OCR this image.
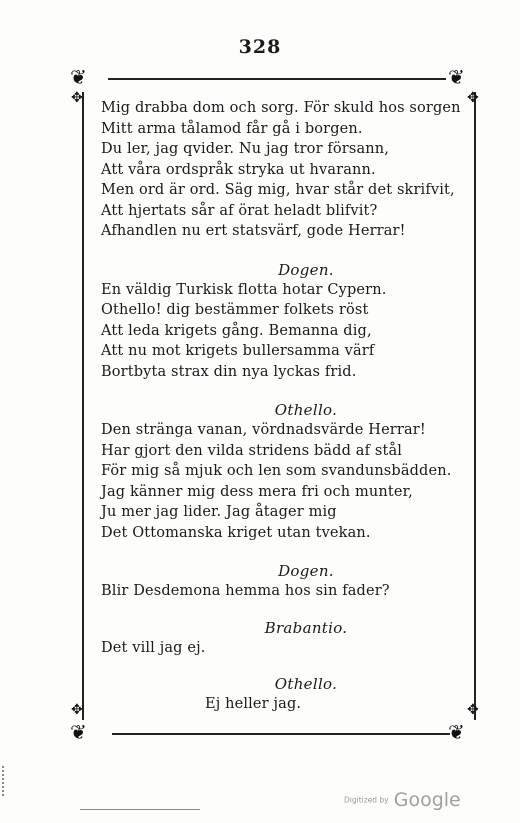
328
❦	❦
❦	❦
✥	✥
✥	✥
Mig drabba dom och sorg. För skuld hos sorgen
Mitt arma tålamod får gå i borgen.
Du ler, jag qvider. Nu jag tror försann,
Att våra ordspråk stryka ut hvarann.
Men ord är ord. Säg mig, hvar står det skrifvit,
Att hjertats sår af örat heladt blifvit?
Afhandlen nu ert statsvärf, gode Herrar!
Dogen.
En väldig Turkisk flotta hotar Cypern.
Othello! dig bestämmer folkets röst
Att leda krigets gång. Bemanna dig,
Att nu mot krigets bullersamma värf
Bortbyta strax din nya lyckas frid.
Othello.
Den stränga vanan, vördnadsvärde Herrar!
Har gjort den vilda stridens bädd af stål
För mig så mjuk och len som svandunsbädden.
Jag känner mig dess mera fri och munter,
Ju mer jag lider. Jag åtager mig
Det Ottomanska kriget utan tvekan.
Dogen.
Blir Desdemona hemma hos sin fader?
Brabantio.
Det vill jag ej.
Othello.
Ej heller jag.
Digitized by Google
